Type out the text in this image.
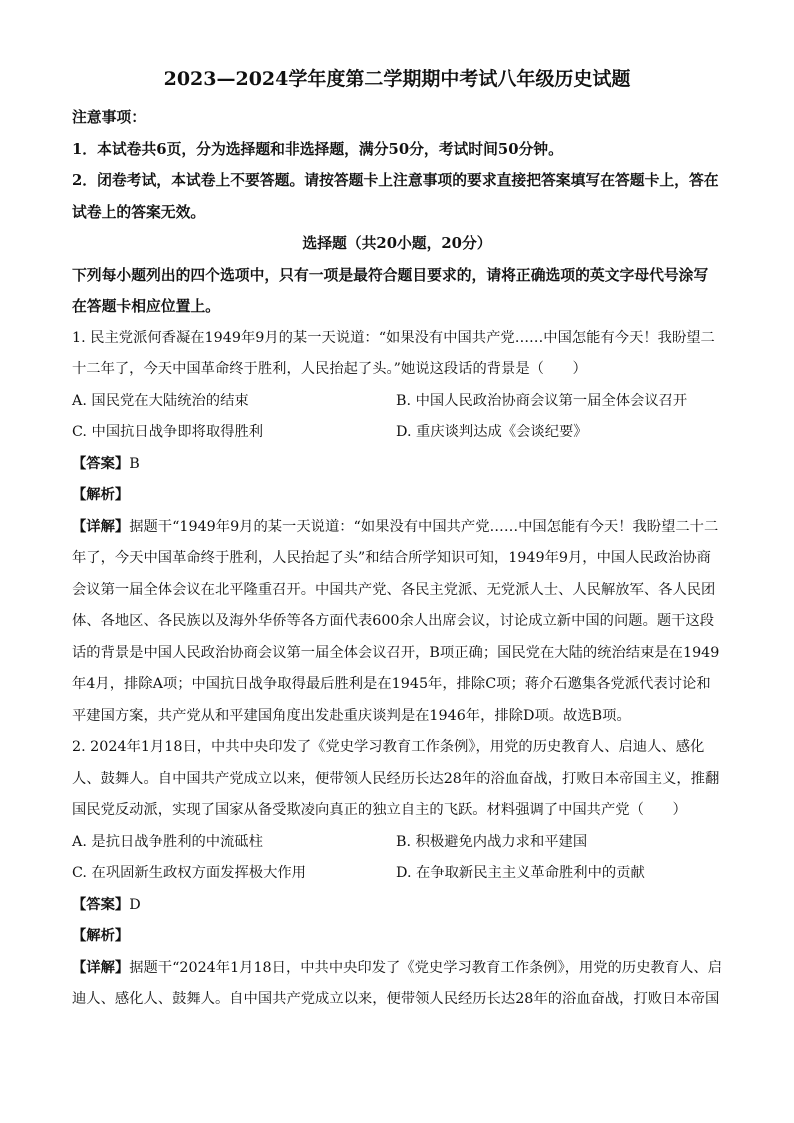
2023—2024学年度第二学期期中考试八年级历史试题
注意事项：
1．本试卷共6页，分为选择题和非选择题，满分50分，考试时间50分钟。
2．闭卷考试，本试卷上不要答题。请按答题卡上注意事项的要求直接把答案填写在答题卡上，答在试卷上的答案无效。
选择题（共20小题，20分）
下列每小题列出的四个选项中，只有一项是最符合题目要求的，请将正确选项的英文字母代号涂写在答题卡相应位置上。
1. 民主党派何香凝在1949年9月的某一天说道：“如果没有中国共产党……中国怎能有今天！我盼望二十二年了，今天中国革命终于胜利，人民抬起了头。”她说这段话的背景是（　　）
A. 国民党在大陆统治的结束	B. 中国人民政治协商会议第一届全体会议召开
C. 中国抗日战争即将取得胜利	D. 重庆谈判达成《会谈纪要》
【答案】B
【解析】
【详解】据题干“1949年9月的某一天说道：“如果没有中国共产党……中国怎能有今天！我盼望二十二年了，今天中国革命终于胜利，人民抬起了头”和结合所学知识可知，1949年9月，中国人民政治协商会议第一届全体会议在北平隆重召开。中国共产党、各民主党派、无党派人士、人民解放军、各人民团体、各地区、各民族以及海外华侨等各方面代表600余人出席会议，讨论成立新中国的问题。题干这段话的背景是中国人民政治协商会议第一届全体会议召开，B项正确；国民党在大陆的统治结束是在1949年4月，排除A项；中国抗日战争取得最后胜利是在1945年，排除C项；蒋介石邀集各党派代表讨论和平建国方案，共产党从和平建国角度出发赴重庆谈判是在1946年，排除D项。故选B项。
2. 2024年1月18日，中共中央印发了《党史学习教育工作条例》，用党的历史教育人、启迪人、感化人、鼓舞人。自中国共产党成立以来，便带领人民经历长达28年的浴血奋战，打败日本帝国主义，推翻国民党反动派，实现了国家从备受欺凌向真正的独立自主的飞跃。材料强调了中国共产党（　　）
A. 是抗日战争胜利的中流砥柱	B. 积极避免内战力求和平建国
C. 在巩固新生政权方面发挥极大作用	D. 在争取新民主主义革命胜利中的贡献
【答案】D
【解析】
【详解】据题干“2024年1月18日，中共中央印发了《党史学习教育工作条例》，用党的历史教育人、启迪人、感化人、鼓舞人。自中国共产党成立以来，便带领人民经历长达28年的浴血奋战，打败日本帝国
